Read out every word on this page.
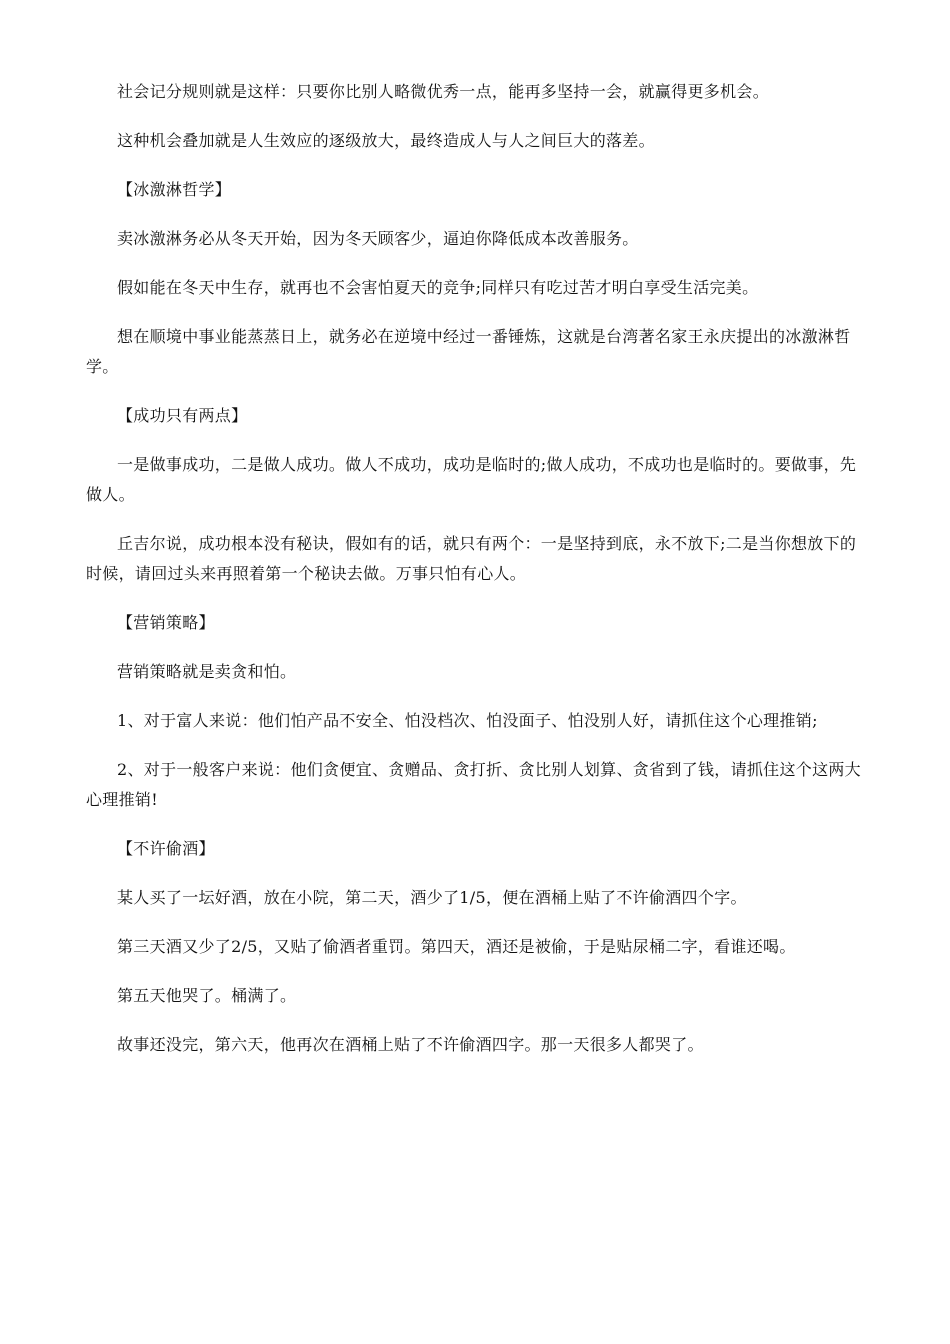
社会记分规则就是这样：只要你比别人略微优秀一点，能再多坚持一会，就赢得更多机会。

这种机会叠加就是人生效应的逐级放大，最终造成人与人之间巨大的落差。

【冰激淋哲学】

卖冰激淋务必从冬天开始，因为冬天顾客少，逼迫你降低成本改善服务。

假如能在冬天中生存，就再也不会害怕夏天的竞争;同样只有吃过苦才明白享受生活完美。

想在顺境中事业能蒸蒸日上，就务必在逆境中经过一番锤炼，这就是台湾著名家王永庆提出的冰激淋哲学。

【成功只有两点】

一是做事成功，二是做人成功。做人不成功，成功是临时的;做人成功，不成功也是临时的。要做事，先做人。

丘吉尔说，成功根本没有秘诀，假如有的话，就只有两个：一是坚持到底，永不放下;二是当你想放下的时候，请回过头来再照着第一个秘诀去做。万事只怕有心人。

【营销策略】

营销策略就是卖贪和怕。

1、对于富人来说：他们怕产品不安全、怕没档次、怕没面子、怕没别人好，请抓住这个心理推销;

2、对于一般客户来说：他们贪便宜、贪赠品、贪打折、贪比别人划算、贪省到了钱，请抓住这个这两大心理推销!

【不许偷酒】

某人买了一坛好酒，放在小院，第二天，酒少了1/5，便在酒桶上贴了不许偷酒四个字。

第三天酒又少了2/5，又贴了偷酒者重罚。第四天，酒还是被偷，于是贴尿桶二字，看谁还喝。

第五天他哭了。桶满了。

故事还没完，第六天，他再次在酒桶上贴了不许偷酒四字。那一天很多人都哭了。
